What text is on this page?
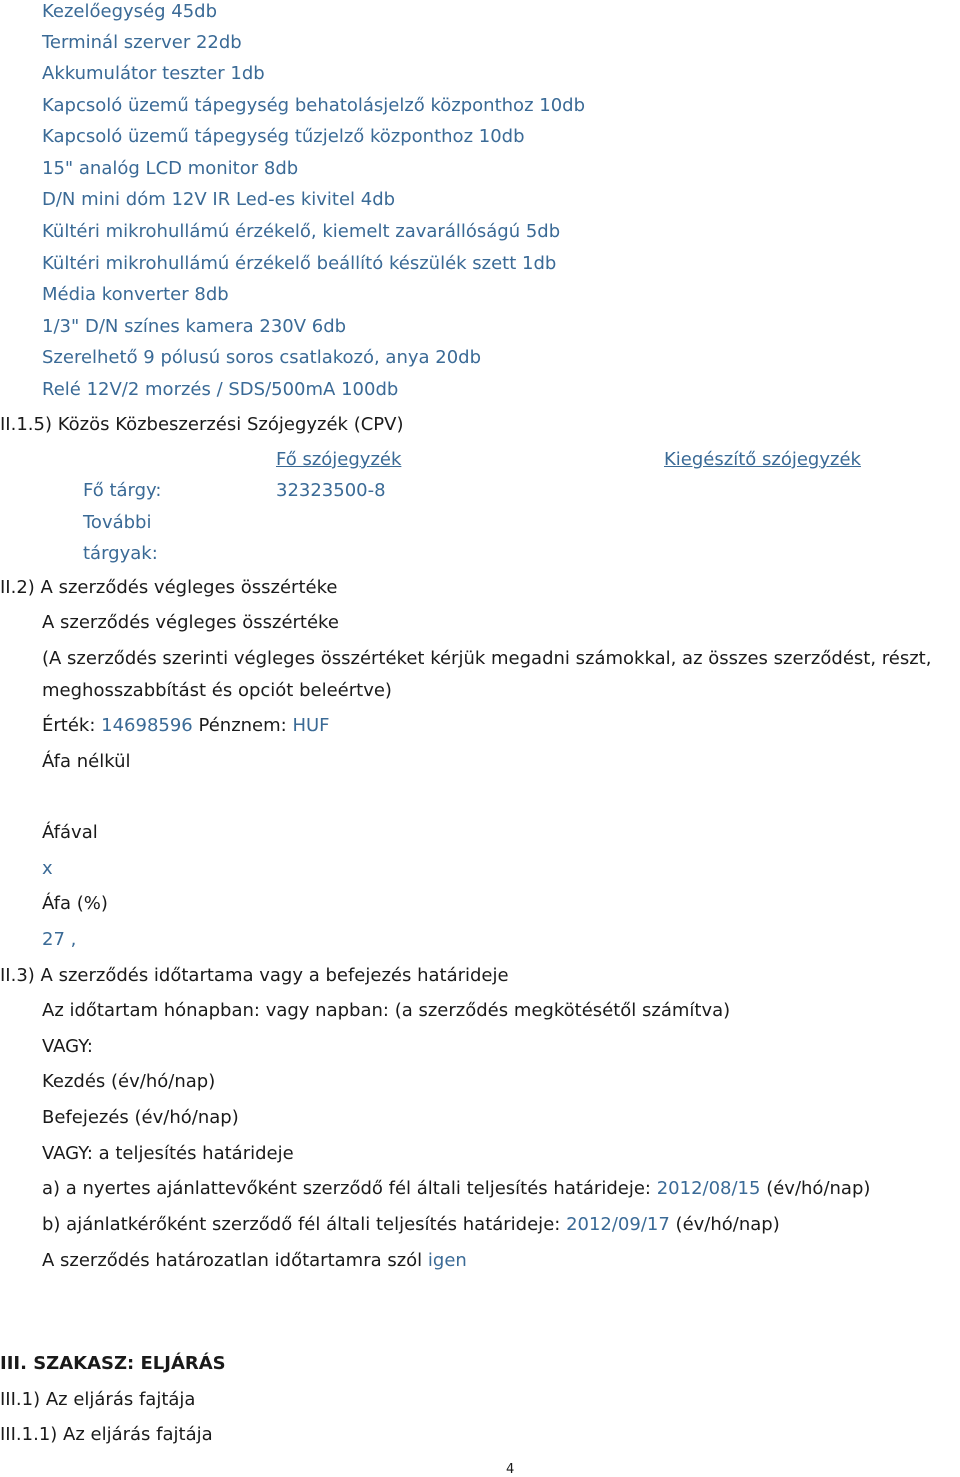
Kezelőegység 45db
Terminál szerver 22db
Akkumulátor teszter 1db
Kapcsoló üzemű tápegység behatolásjelző központhoz 10db
Kapcsoló üzemű tápegység tűzjelző központhoz 10db
15" analóg LCD monitor 8db
D/N mini dóm 12V IR Led-es kivitel 4db
Kültéri mikrohullámú érzékelő, kiemelt zavarállóságú 5db
Kültéri mikrohullámú érzékelő beállító készülék szett 1db
Média konverter 8db
1/3" D/N színes kamera 230V 6db
Szerelhető 9 pólusú soros csatlakozó, anya 20db
Relé 12V/2 morzés / SDS/500mA 100db
II.1.5) Közös Közbeszerzési Szójegyzék (CPV)
Fő szójegyzék	Kiegészítő szójegyzék
Fő tárgy:	32323500-8
További
tárgyak:
II.2) A szerződés végleges összértéke
A szerződés végleges összértéke
(A szerződés szerinti végleges összértéket kérjük megadni számokkal, az összes szerződést, részt,
meghosszabbítást és opciót beleértve)
Érték: 14698596 Pénznem: HUF
Áfa nélkül
Áfával
x
Áfa (%)
27 ,
II.3) A szerződés időtartama vagy a befejezés határideje
Az időtartam hónapban: vagy napban: (a szerződés megkötésétől számítva)
VAGY:
Kezdés (év/hó/nap)
Befejezés (év/hó/nap)
VAGY: a teljesítés határideje
a) a nyertes ajánlattevőként szerződő fél általi teljesítés határideje: 2012/08/15 (év/hó/nap)
b) ajánlatkérőként szerződő fél általi teljesítés határideje: 2012/09/17 (év/hó/nap)
A szerződés határozatlan időtartamra szól igen
III. SZAKASZ: ELJÁRÁS
III.1) Az eljárás fajtája
III.1.1) Az eljárás fajtája
4
